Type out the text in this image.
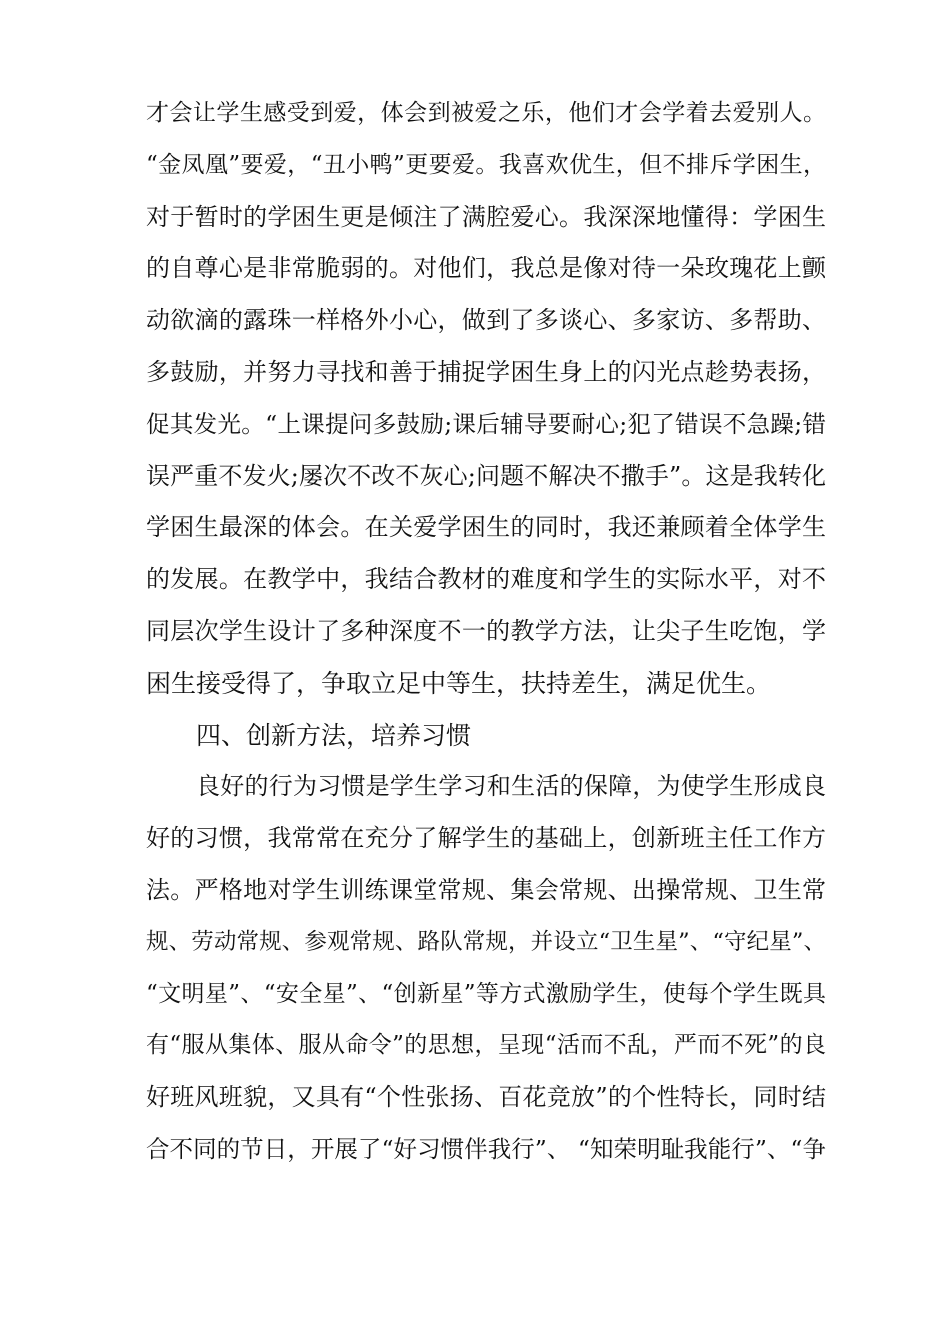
才会让学生感受到爱，体会到被爱之乐，他们才会学着去爱别人。
“金凤凰”要爱，“丑小鸭”更要爱。我喜欢优生，但不排斥学困生，
对于暂时的学困生更是倾注了满腔爱心。我深深地懂得：学困生
的自尊心是非常脆弱的。对他们，我总是像对待一朵玫瑰花上颤
动欲滴的露珠一样格外小心，做到了多谈心、多家访、多帮助、
多鼓励，并努力寻找和善于捕捉学困生身上的闪光点趁势表扬，
促其发光。“上课提问多鼓励;课后辅导要耐心;犯了错误不急躁;错
误严重不发火;屡次不改不灰心;问题不解决不撒手”。这是我转化
学困生最深的体会。在关爱学困生的同时，我还兼顾着全体学生
的发展。在教学中，我结合教材的难度和学生的实际水平，对不
同层次学生设计了多种深度不一的教学方法，让尖子生吃饱，学
困生接受得了，争取立足中等生，扶持差生，满足优生。
四、创新方法，培养习惯
良好的行为习惯是学生学习和生活的保障，为使学生形成良
好的习惯，我常常在充分了解学生的基础上，创新班主任工作方
法。严格地对学生训练课堂常规、集会常规、出操常规、卫生常
规、劳动常规、参观常规、路队常规，并设立“卫生星”、“守纪星”、
“文明星”、“安全星”、“创新星”等方式激励学生，使每个学生既具
有“服从集体、服从命令”的思想，呈现“活而不乱，严而不死”的良
好班风班貌，又具有“个性张扬、百花竞放”的个性特长，同时结
合不同的节日，开展了“好习惯伴我行”、 “知荣明耻我能行”、“争
